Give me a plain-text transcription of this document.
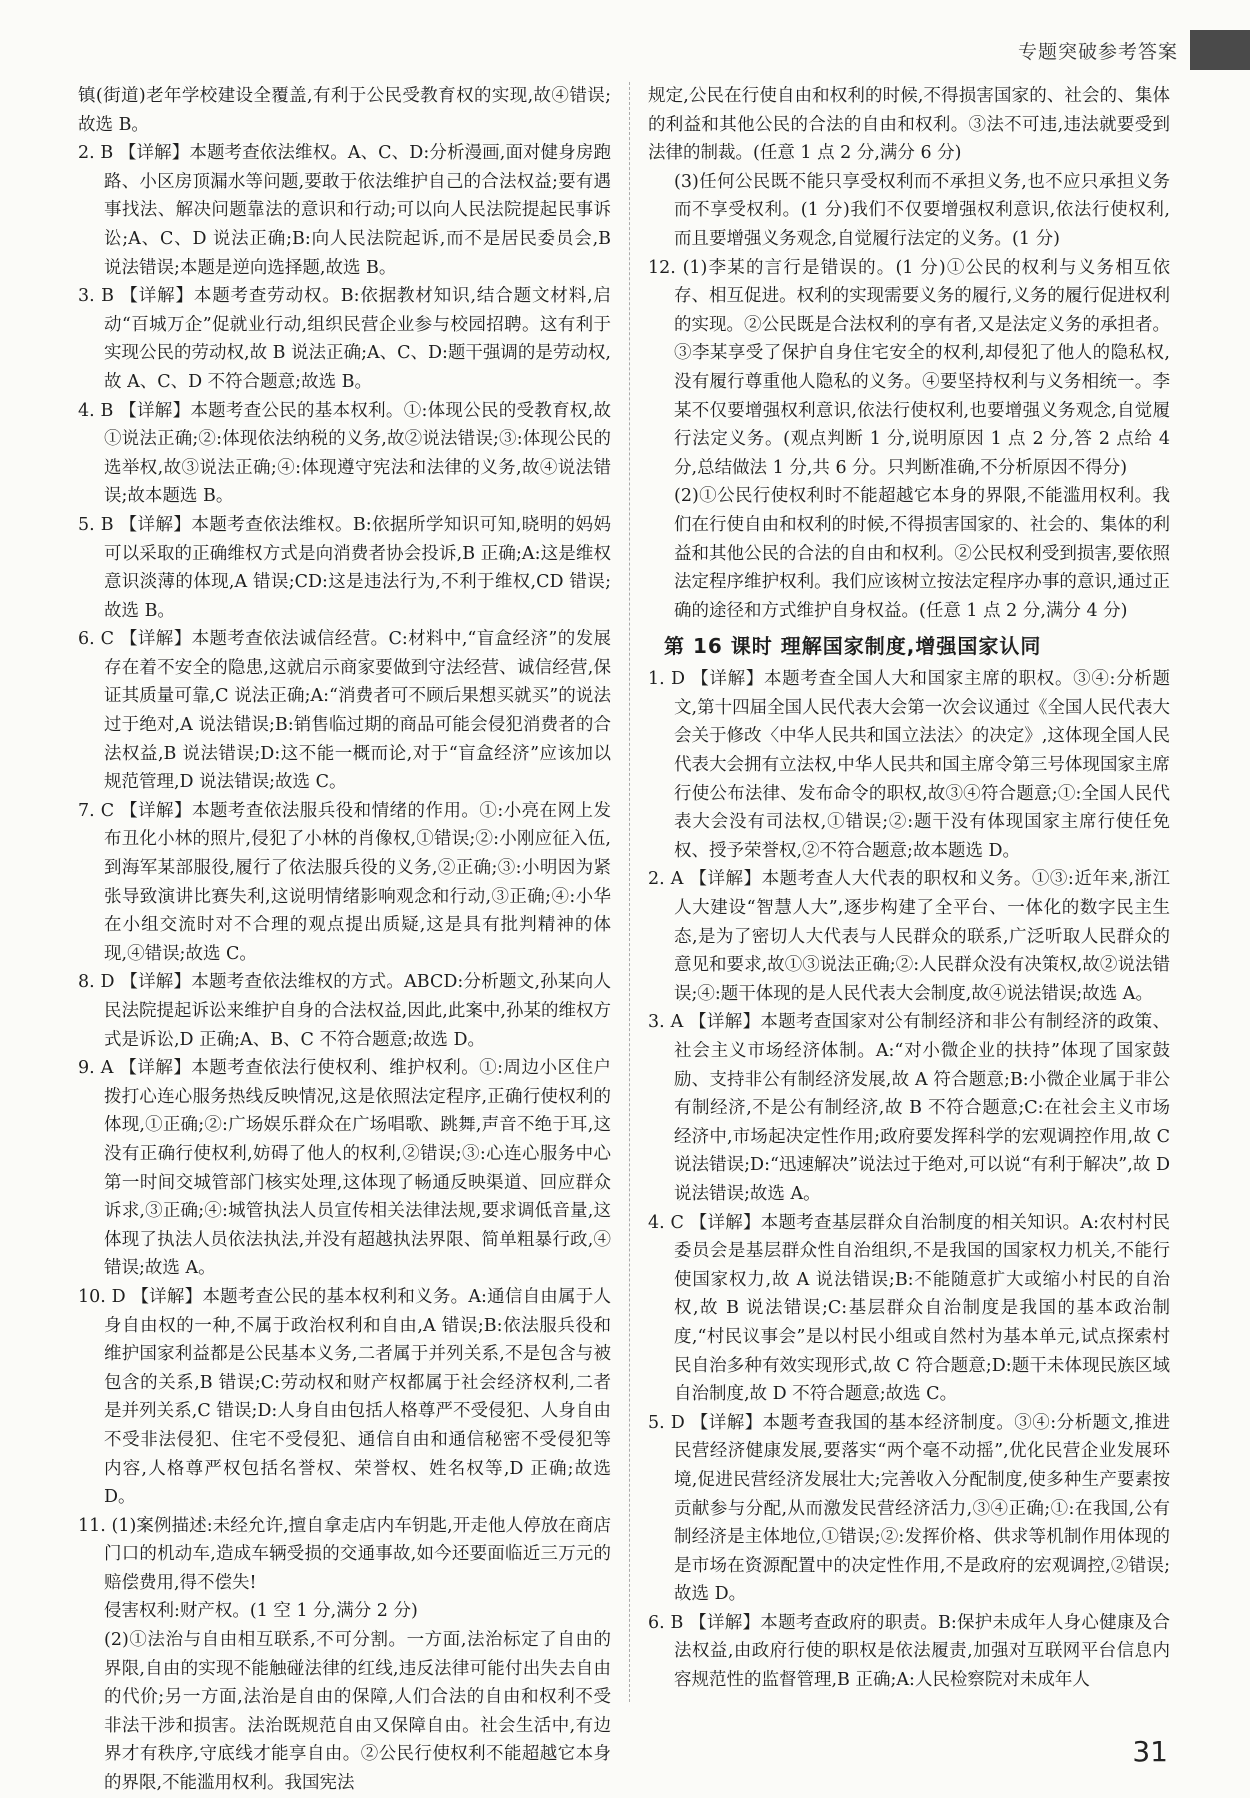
专题突破参考答案
镇(街道)老年学校建设全覆盖,有利于公民受教育权的实现,故④错误;故选 B。
2. B 【详解】本题考查依法维权。A、C、D:分析漫画,面对健身房跑路、小区房顶漏水等问题,要敢于依法维护自己的合法权益;要有遇事找法、解决问题靠法的意识和行动;可以向人民法院提起民事诉讼;A、C、D 说法正确;B:向人民法院起诉,而不是居民委员会,B 说法错误;本题是逆向选择题,故选 B。
3. B 【详解】本题考查劳动权。B:依据教材知识,结合题文材料,启动“百城万企”促就业行动,组织民营企业参与校园招聘。这有利于实现公民的劳动权,故 B 说法正确;A、C、D:题干强调的是劳动权,故 A、C、D 不符合题意;故选 B。
4. B 【详解】本题考查公民的基本权利。①:体现公民的受教育权,故①说法正确;②:体现依法纳税的义务,故②说法错误;③:体现公民的选举权,故③说法正确;④:体现遵守宪法和法律的义务,故④说法错误;故本题选 B。
5. B 【详解】本题考查依法维权。B:依据所学知识可知,晓明的妈妈可以采取的正确维权方式是向消费者协会投诉,B 正确;A:这是维权意识淡薄的体现,A 错误;CD:这是违法行为,不利于维权,CD 错误;故选 B。
6. C 【详解】本题考查依法诚信经营。C:材料中,“盲盒经济”的发展存在着不安全的隐患,这就启示商家要做到守法经营、诚信经营,保证其质量可靠,C 说法正确;A:“消费者可不顾后果想买就买”的说法过于绝对,A 说法错误;B:销售临过期的商品可能会侵犯消费者的合法权益,B 说法错误;D:这不能一概而论,对于“盲盒经济”应该加以规范管理,D 说法错误;故选 C。
7. C 【详解】本题考查依法服兵役和情绪的作用。①:小亮在网上发布丑化小林的照片,侵犯了小林的肖像权,①错误;②:小刚应征入伍,到海军某部服役,履行了依法服兵役的义务,②正确;③:小明因为紧张导致演讲比赛失利,这说明情绪影响观念和行动,③正确;④:小华在小组交流时对不合理的观点提出质疑,这是具有批判精神的体现,④错误;故选 C。
8. D 【详解】本题考查依法维权的方式。ABCD:分析题文,孙某向人民法院提起诉讼来维护自身的合法权益,因此,此案中,孙某的维权方式是诉讼,D 正确;A、B、C 不符合题意;故选 D。
9. A 【详解】本题考查依法行使权利、维护权利。①:周边小区住户拨打心连心服务热线反映情况,这是依照法定程序,正确行使权利的体现,①正确;②:广场娱乐群众在广场唱歌、跳舞,声音不绝于耳,这没有正确行使权利,妨碍了他人的权利,②错误;③:心连心服务中心第一时间交城管部门核实处理,这体现了畅通反映渠道、回应群众诉求,③正确;④:城管执法人员宣传相关法律法规,要求调低音量,这体现了执法人员依法执法,并没有超越执法界限、简单粗暴行政,④错误;故选 A。
10. D 【详解】本题考查公民的基本权利和义务。A:通信自由属于人身自由权的一种,不属于政治权利和自由,A 错误;B:依法服兵役和维护国家利益都是公民基本义务,二者属于并列关系,不是包含与被包含的关系,B 错误;C:劳动权和财产权都属于社会经济权利,二者是并列关系,C 错误;D:人身自由包括人格尊严不受侵犯、人身自由不受非法侵犯、住宅不受侵犯、通信自由和通信秘密不受侵犯等内容,人格尊严权包括名誉权、荣誉权、姓名权等,D 正确;故选 D。
11. (1)案例描述:未经允许,擅自拿走店内车钥匙,开走他人停放在商店门口的机动车,造成车辆受损的交通事故,如今还要面临近三万元的赔偿费用,得不偿失!
侵害权利:财产权。(1 空 1 分,满分 2 分)
(2)①法治与自由相互联系,不可分割。一方面,法治标定了自由的界限,自由的实现不能触碰法律的红线,违反法律可能付出失去自由的代价;另一方面,法治是自由的保障,人们合法的自由和权利不受非法干涉和损害。法治既规范自由又保障自由。社会生活中,有边界才有秩序,守底线才能享自由。②公民行使权利不能超越它本身的界限,不能滥用权利。我国宪法
规定,公民在行使自由和权利的时候,不得损害国家的、社会的、集体的利益和其他公民的合法的自由和权利。③法不可违,违法就要受到法律的制裁。(任意 1 点 2 分,满分 6 分)
(3)任何公民既不能只享受权利而不承担义务,也不应只承担义务而不享受权利。(1 分)我们不仅要增强权利意识,依法行使权利,而且要增强义务观念,自觉履行法定的义务。(1 分)
12. (1)李某的言行是错误的。(1 分)①公民的权利与义务相互依存、相互促进。权利的实现需要义务的履行,义务的履行促进权利的实现。②公民既是合法权利的享有者,又是法定义务的承担者。③李某享受了保护自身住宅安全的权利,却侵犯了他人的隐私权,没有履行尊重他人隐私的义务。④要坚持权利与义务相统一。李某不仅要增强权利意识,依法行使权利,也要增强义务观念,自觉履行法定义务。(观点判断 1 分,说明原因 1 点 2 分,答 2 点给 4 分,总结做法 1 分,共 6 分。只判断准确,不分析原因不得分)
(2)①公民行使权利时不能超越它本身的界限,不能滥用权利。我们在行使自由和权利的时候,不得损害国家的、社会的、集体的利益和其他公民的合法的自由和权利。②公民权利受到损害,要依照法定程序维护权利。我们应该树立按法定程序办事的意识,通过正确的途径和方式维护自身权益。(任意 1 点 2 分,满分 4 分)
第 16 课时 理解国家制度,增强国家认同
1. D 【详解】本题考查全国人大和国家主席的职权。③④:分析题文,第十四届全国人民代表大会第一次会议通过《全国人民代表大会关于修改〈中华人民共和国立法法〉的决定》,这体现全国人民代表大会拥有立法权,中华人民共和国主席令第三号体现国家主席行使公布法律、发布命令的职权,故③④符合题意;①:全国人民代表大会没有司法权,①错误;②:题干没有体现国家主席行使任免权、授予荣誉权,②不符合题意;故本题选 D。
2. A 【详解】本题考查人大代表的职权和义务。①③:近年来,浙江人大建设“智慧人大”,逐步构建了全平台、一体化的数字民主生态,是为了密切人大代表与人民群众的联系,广泛听取人民群众的意见和要求,故①③说法正确;②:人民群众没有决策权,故②说法错误;④:题干体现的是人民代表大会制度,故④说法错误;故选 A。
3. A 【详解】本题考查国家对公有制经济和非公有制经济的政策、社会主义市场经济体制。A:“对小微企业的扶持”体现了国家鼓励、支持非公有制经济发展,故 A 符合题意;B:小微企业属于非公有制经济,不是公有制经济,故 B 不符合题意;C:在社会主义市场经济中,市场起决定性作用;政府要发挥科学的宏观调控作用,故 C 说法错误;D:“迅速解决”说法过于绝对,可以说“有利于解决”,故 D 说法错误;故选 A。
4. C 【详解】本题考查基层群众自治制度的相关知识。A:农村村民委员会是基层群众性自治组织,不是我国的国家权力机关,不能行使国家权力,故 A 说法错误;B:不能随意扩大或缩小村民的自治权,故 B 说法错误;C:基层群众自治制度是我国的基本政治制度,“村民议事会”是以村民小组或自然村为基本单元,试点探索村民自治多种有效实现形式,故 C 符合题意;D:题干未体现民族区域自治制度,故 D 不符合题意;故选 C。
5. D 【详解】本题考查我国的基本经济制度。③④:分析题文,推进民营经济健康发展,要落实“两个毫不动摇”,优化民营企业发展环境,促进民营经济发展壮大;完善收入分配制度,使多种生产要素按贡献参与分配,从而激发民营经济活力,③④正确;①:在我国,公有制经济是主体地位,①错误;②:发挥价格、供求等机制作用体现的是市场在资源配置中的决定性作用,不是政府的宏观调控,②错误;故选 D。
6. B 【详解】本题考查政府的职责。B:保护未成年人身心健康及合法权益,由政府行使的职权是依法履责,加强对互联网平台信息内容规范性的监督管理,B 正确;A:人民检察院对未成年人
31
